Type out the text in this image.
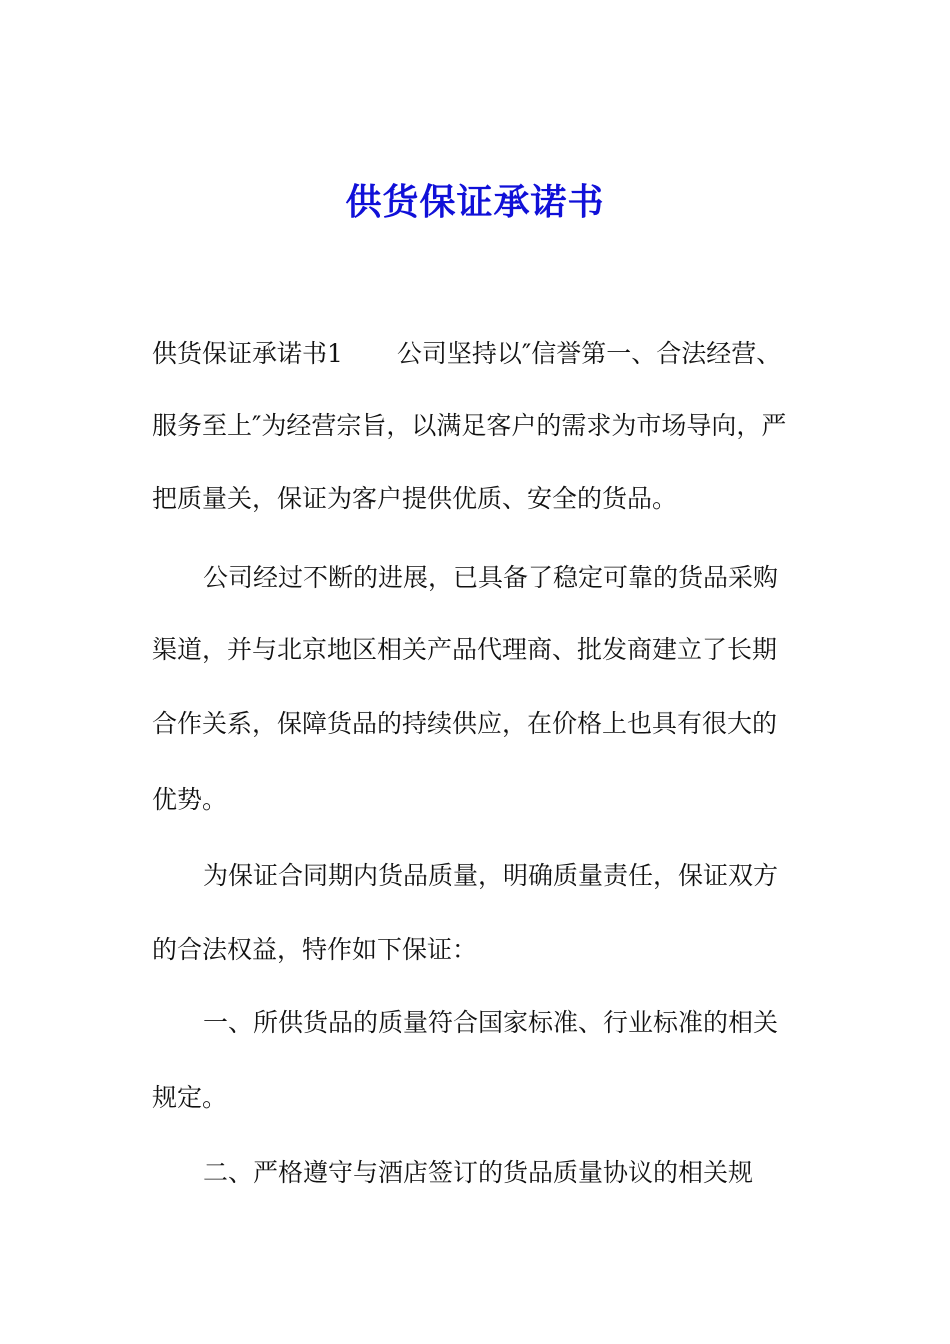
供货保证承诺书
供货保证承诺书1 公司坚持以″信誉第一、合法经营、
服务至上″为经营宗旨，以满足客户的需求为市场导向，严
把质量关，保证为客户提供优质、安全的货品。
公司经过不断的进展，已具备了稳定可靠的货品采购
渠道，并与北京地区相关产品代理商、批发商建立了长期
合作关系，保障货品的持续供应，在价格上也具有很大的
优势。
为保证合同期内货品质量，明确质量责任，保证双方
的合法权益，特作如下保证：
一、所供货品的质量符合国家标准、行业标准的相关
规定。
二、严格遵守与酒店签订的货品质量协议的相关规
